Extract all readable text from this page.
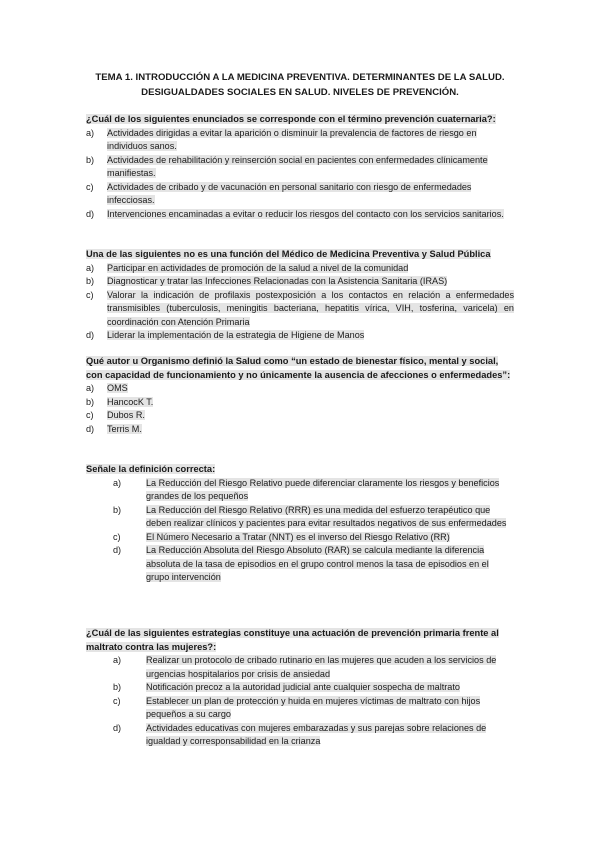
TEMA 1. INTRODUCCIÓN A LA MEDICINA PREVENTIVA. DETERMINANTES DE LA SALUD.
DESIGUALDADES SOCIALES EN SALUD. NIVELES DE PREVENCIÓN.
¿Cuál de los siguientes enunciados se corresponde con el término prevención cuaternaria?:
a)	Actividades dirigidas a evitar la aparición o disminuir la prevalencia de factores de riesgo en individuos sanos.
b)	Actividades de rehabilitación y reinserción social en pacientes con enfermedades clínicamente manifiestas.
c)	Actividades de cribado y de vacunación en personal sanitario con riesgo de enfermedades infecciosas.
d)	Intervenciones encaminadas a evitar o reducir los riesgos del contacto con los servicios sanitarios.
Una de las siguientes no es una función del Médico de Medicina Preventiva y Salud Pública
a)	Participar en actividades de promoción de la salud a nivel de la comunidad
b)	Diagnosticar y tratar las Infecciones Relacionadas con la Asistencia Sanitaria (IRAS)
c)	Valorar la indicación de profilaxis postexposición a los contactos en relación a enfermedades transmisibles (tuberculosis, meningitis bacteriana, hepatitis vírica, VIH, tosferina, varicela) en coordinación con Atención Primaria
d)	Liderar la implementación de la estrategia de Higiene de Manos
Qué autor u Organismo definió la Salud como “un estado de bienestar físico, mental y social, con capacidad de funcionamiento y no únicamente la ausencia de afecciones o enfermedades”:
a)	OMS
b)	HancocK T.
c)	Dubos R.
d)	Terris M.
Señale la definición correcta:
a)	La Reducción del Riesgo Relativo puede diferenciar claramente los riesgos y beneficios grandes de los pequeños
b)	La Reducción del Riesgo Relativo (RRR) es una medida del esfuerzo terapéutico que deben realizar clínicos y pacientes para evitar resultados negativos de sus enfermedades
c)	El Número Necesario a Tratar (NNT) es el inverso del Riesgo Relativo (RR)
d)	La Reducción Absoluta del Riesgo Absoluto (RAR) se calcula mediante la diferencia absoluta de la tasa de episodios en el grupo control menos la tasa de episodios en el grupo intervención
¿Cuál de las siguientes estrategias constituye una actuación de prevención primaria frente al maltrato contra las mujeres?:
a)	Realizar un protocolo de cribado rutinario en las mujeres que acuden a los servicios de urgencias hospitalarios por crisis de ansiedad
b)	Notificación precoz a la autoridad judicial ante cualquier sospecha de maltrato
c)	Establecer un plan de protección y huida en mujeres víctimas de maltrato con hijos pequeños a su cargo
d)	Actividades educativas con mujeres embarazadas y sus parejas sobre relaciones de igualdad y corresponsabilidad en la crianza
